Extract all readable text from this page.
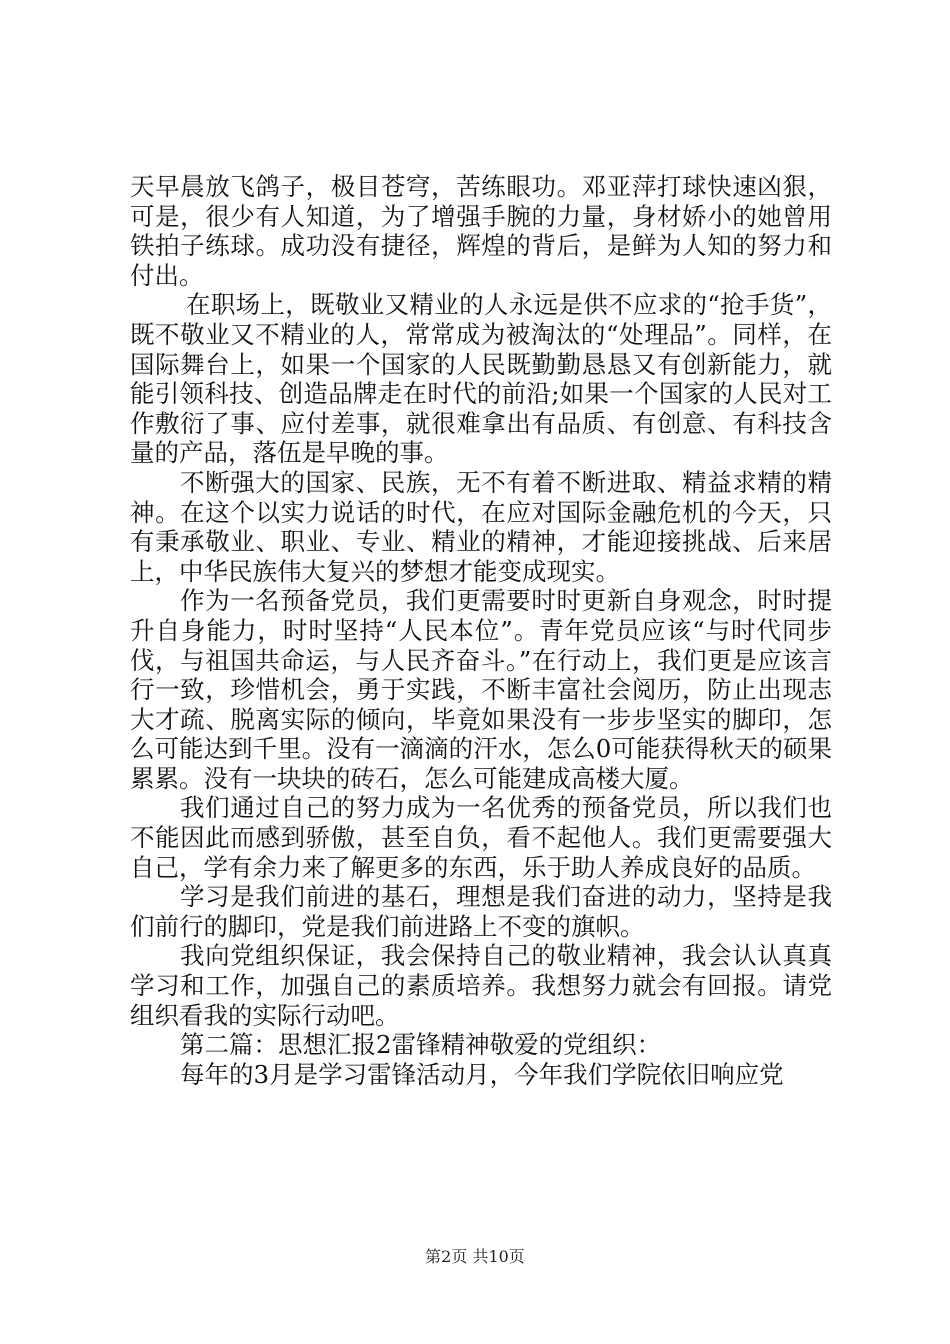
天早晨放飞鸽子，极目苍穹，苦练眼功。邓亚萍打球快速凶狠，可是，很少有人知道，为了增强手腕的力量，身材娇小的她曾用铁拍子练球。成功没有捷径，辉煌的背后，是鲜为人知的努力和付出。

在职场上，既敬业又精业的人永远是供不应求的“抢手货”，既不敬业又不精业的人，常常成为被淘汰的“处理品”。同样，在国际舞台上，如果一个国家的人民既勤勤恳恳又有创新能力，就能引领科技、创造品牌走在时代的前沿;如果一个国家的人民对工作敷衍了事、应付差事，就很难拿出有品质、有创意、有科技含量的产品，落伍是早晚的事。

不断强大的国家、民族，无不有着不断进取、精益求精的精神。在这个以实力说话的时代，在应对国际金融危机的今天，只有秉承敬业、职业、专业、精业的精神，才能迎接挑战、后来居上，中华民族伟大复兴的梦想才能变成现实。

作为一名预备党员，我们更需要时时更新自身观念，时时提升自身能力，时时坚持“人民本位”。青年党员应该“与时代同步伐，与祖国共命运，与人民齐奋斗。”在行动上，我们更是应该言行一致，珍惜机会，勇于实践，不断丰富社会阅历，防止出现志大才疏、脱离实际的倾向，毕竟如果没有一步步坚实的脚印，怎么可能达到千里。没有一滴滴的汗水，怎么0可能获得秋天的硕果累累。没有一块块的砖石，怎么可能建成高楼大厦。

我们通过自己的努力成为一名优秀的预备党员，所以我们也不能因此而感到骄傲，甚至自负，看不起他人。我们更需要强大自己，学有余力来了解更多的东西，乐于助人养成良好的品质。

学习是我们前进的基石，理想是我们奋进的动力，坚持是我们前行的脚印，党是我们前进路上不变的旗帜。

我向党组织保证，我会保持自己的敬业精神，我会认认真真学习和工作，加强自己的素质培养。我想努力就会有回报。请党组织看我的实际行动吧。

第二篇：思想汇报2雷锋精神敬爱的党组织：

每年的3月是学习雷锋活动月，今年我们学院依旧响应党

第2页 共10页
